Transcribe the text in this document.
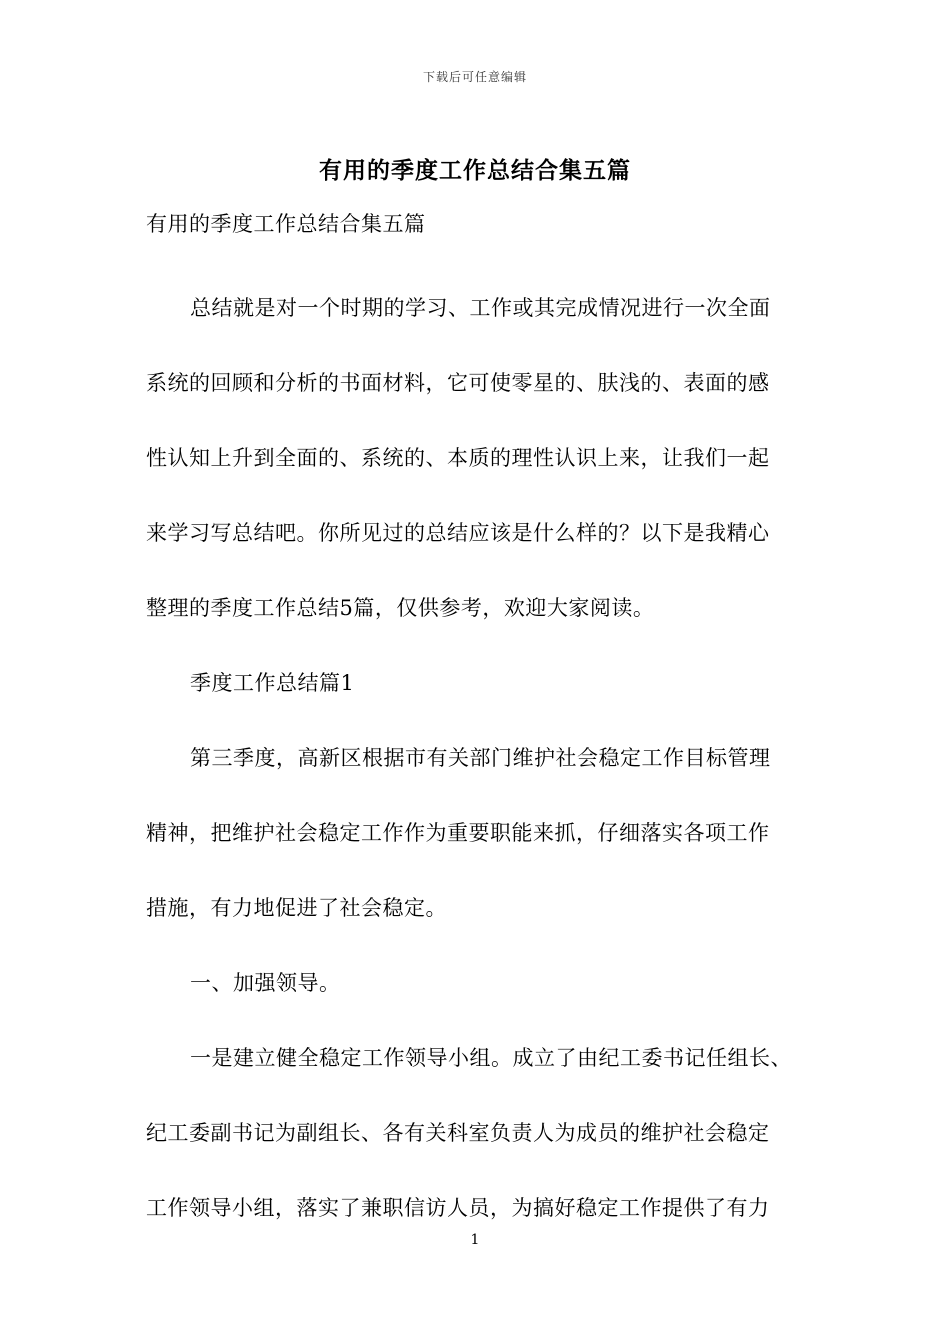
下载后可任意编辑
有用的季度工作总结合集五篇
有用的季度工作总结合集五篇
总结就是对一个时期的学习、工作或其完成情况进行一次全面
系统的回顾和分析的书面材料，它可使零星的、肤浅的、表面的感
性认知上升到全面的、系统的、本质的理性认识上来，让我们一起
来学习写总结吧。你所见过的总结应该是什么样的？以下是我精心
整理的季度工作总结5篇，仅供参考，欢迎大家阅读。
季度工作总结篇1
第三季度，高新区根据市有关部门维护社会稳定工作目标管理
精神，把维护社会稳定工作作为重要职能来抓，仔细落实各项工作
措施，有力地促进了社会稳定。
一、加强领导。
一是建立健全稳定工作领导小组。成立了由纪工委书记任组长、
纪工委副书记为副组长、各有关科室负责人为成员的维护社会稳定
工作领导小组，落实了兼职信访人员，为搞好稳定工作提供了有力
1
